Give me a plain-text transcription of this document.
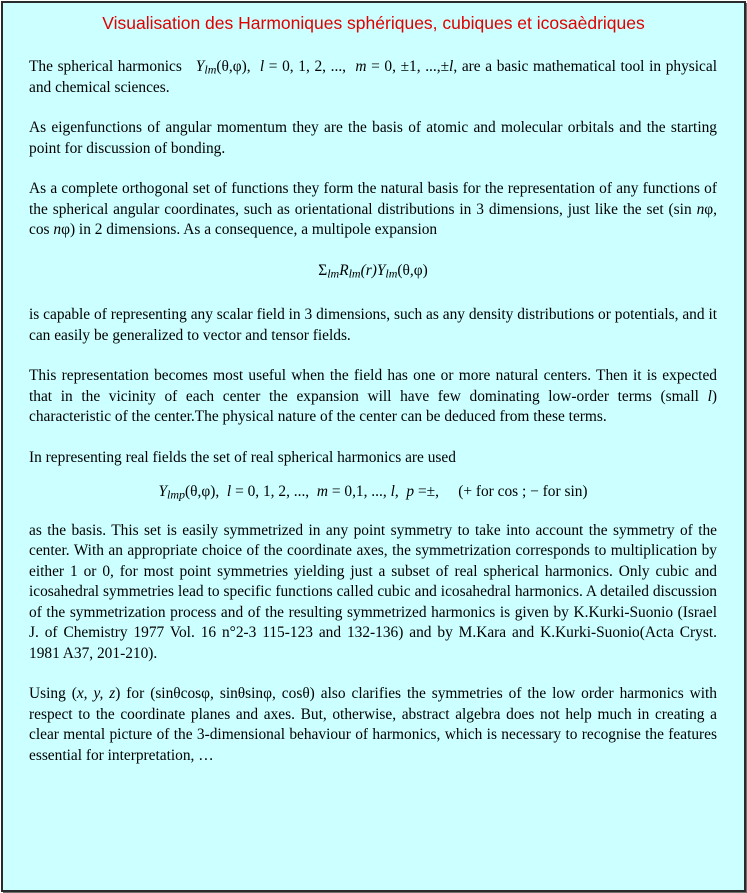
Visualisation des Harmoniques sphériques, cubiques et icosaèdriques

The spherical harmonics $Y_{lm}(\theta,\varphi)$, l = 0, 1, 2, ..., m = 0, ±1, ...,±l, are a basic mathematical tool in physical and chemical sciences.

As eigenfunctions of angular momentum they are the basis of atomic and molecular orbitals and the starting point for discussion of bonding.

As a complete orthogonal set of functions they form the natural basis for the representation of any functions of the spherical angular coordinates, such as orientational distributions in 3 dimensions, just like the set (sin nφ, cos nφ) in 2 dimensions. As a consequence, a multipole expansion

$\Sigma_{lm}R_{lm}(r)Y_{lm}(\theta,\varphi)$

is capable of representing any scalar field in 3 dimensions, such as any density distributions or potentials, and it can easily be generalized to vector and tensor fields.

This representation becomes most useful when the field has one or more natural centers. Then it is expected that in the vicinity of each center the expansion will have few dominating low-order terms (small l) characteristic of the center.The physical nature of the center can be deduced from these terms.

In representing real fields the set of real spherical harmonics are used

$Y_{lmp}(\theta,\varphi)$, l = 0, 1, 2, ..., m = 0,1, ..., l, p =±, (+ for cos ; − for sin)

as the basis. This set is easily symmetrized in any point symmetry to take into account the symmetry of the center. With an appropriate choice of the coordinate axes, the symmetrization corresponds to multiplication by either 1 or 0, for most point symmetries yielding just a subset of real spherical harmonics. Only cubic and icosahedral symmetries lead to specific functions called cubic and icosahedral harmonics. A detailed discussion of the symmetrization process and of the resulting symmetrized harmonics is given by K.Kurki-Suonio (Israel J. of Chemistry 1977 Vol. 16 n°2-3 115-123 and 132-136) and by M.Kara and K.Kurki-Suonio(Acta Cryst. 1981 A37, 201-210).

Using (x, y, z) for (sinθcosφ, sinθsinφ, cosθ) also clarifies the symmetries of the low order harmonics with respect to the coordinate planes and axes. But, otherwise, abstract algebra does not help much in creating a clear mental picture of the 3-dimensional behaviour of harmonics, which is necessary to recognise the features essential for interpretation, …
